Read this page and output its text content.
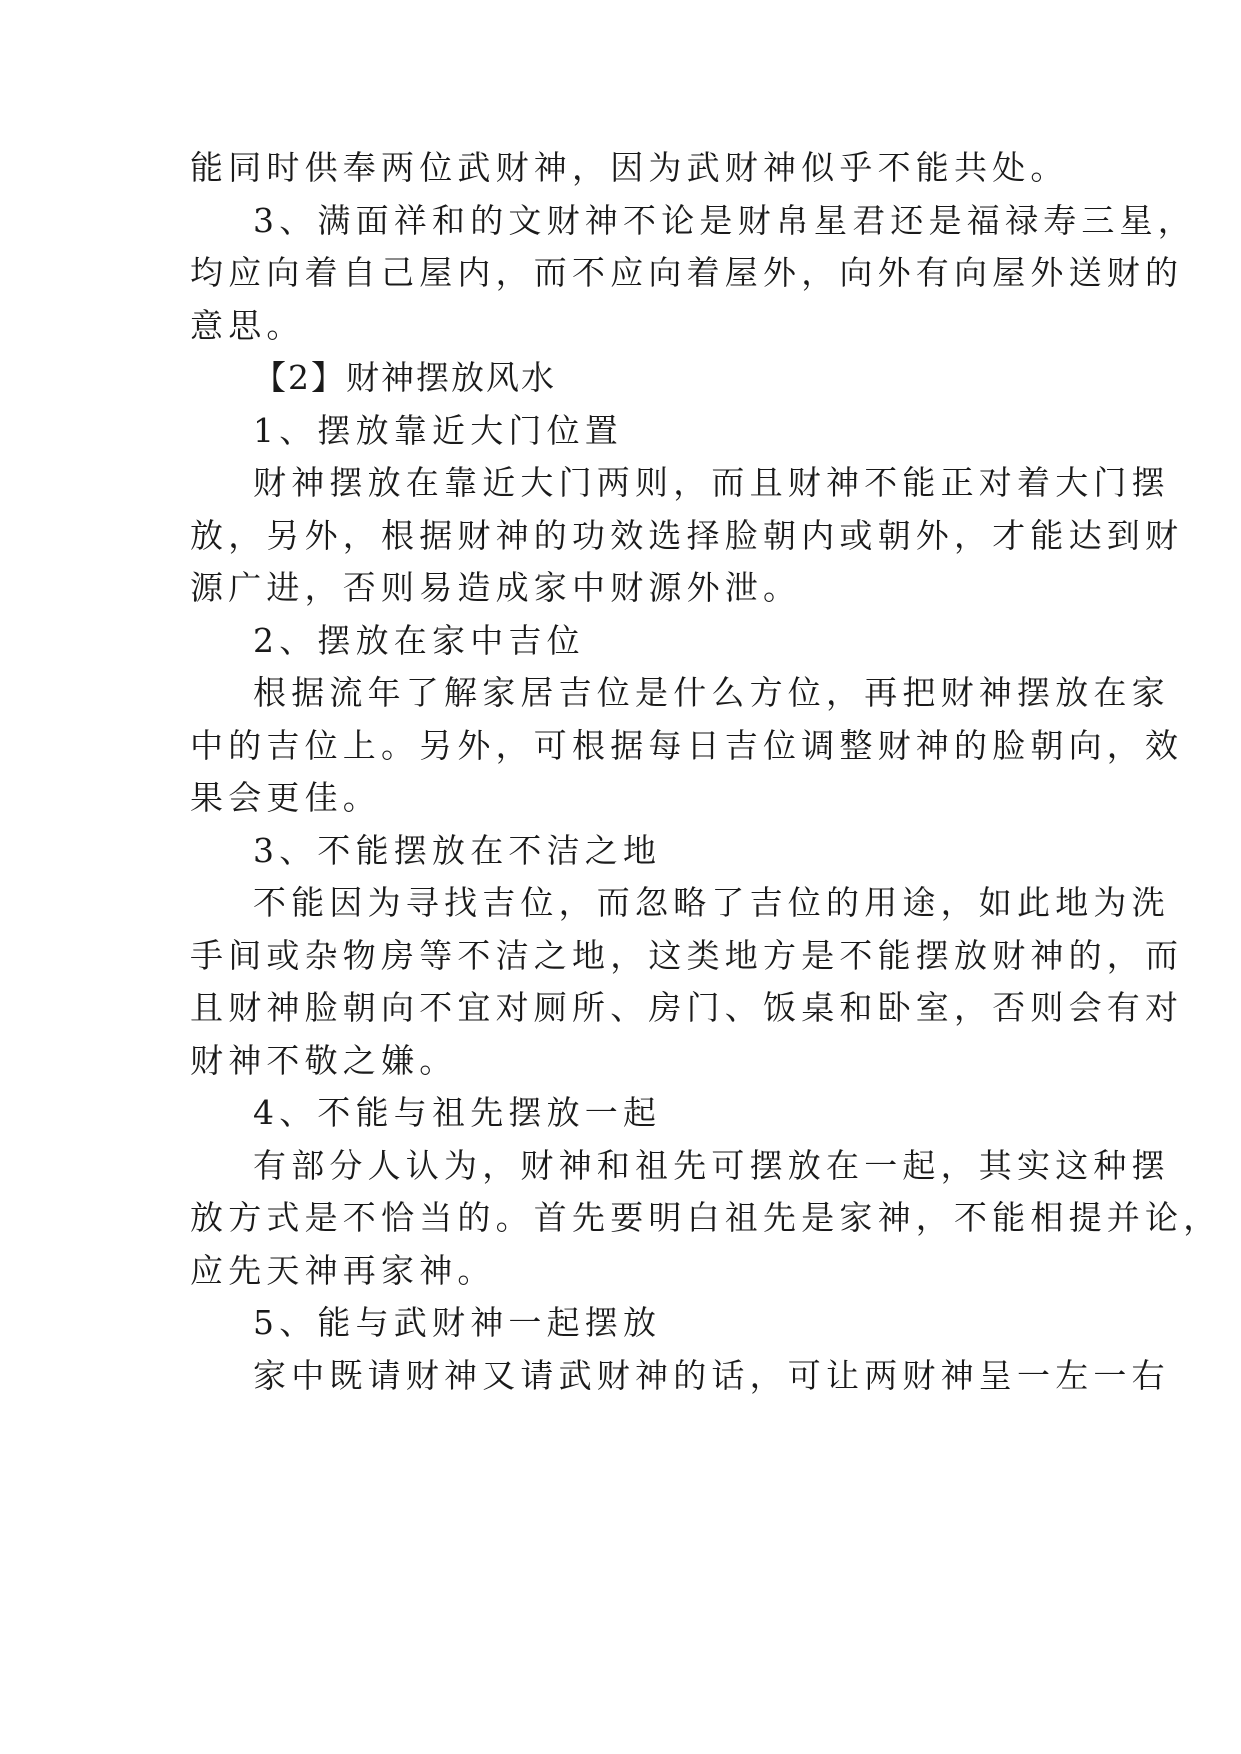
能同时供奉两位武财神，因为武财神似乎不能共处。
3、满面祥和的文财神不论是财帛星君还是福禄寿三星，
均应向着自己屋内，而不应向着屋外，向外有向屋外送财的
意思。
【2】财神摆放风水
1、摆放靠近大门位置
财神摆放在靠近大门两则，而且财神不能正对着大门摆
放，另外，根据财神的功效选择脸朝内或朝外，才能达到财
源广进，否则易造成家中财源外泄。
2、摆放在家中吉位
根据流年了解家居吉位是什么方位，再把财神摆放在家
中的吉位上。另外，可根据每日吉位调整财神的脸朝向，效
果会更佳。
3、不能摆放在不洁之地
不能因为寻找吉位，而忽略了吉位的用途，如此地为洗
手间或杂物房等不洁之地，这类地方是不能摆放财神的，而
且财神脸朝向不宜对厕所、房门、饭桌和卧室，否则会有对
财神不敬之嫌。
4、不能与祖先摆放一起
有部分人认为，财神和祖先可摆放在一起，其实这种摆
放方式是不恰当的。首先要明白祖先是家神，不能相提并论，
应先天神再家神。
5、能与武财神一起摆放
家中既请财神又请武财神的话，可让两财神呈一左一右
